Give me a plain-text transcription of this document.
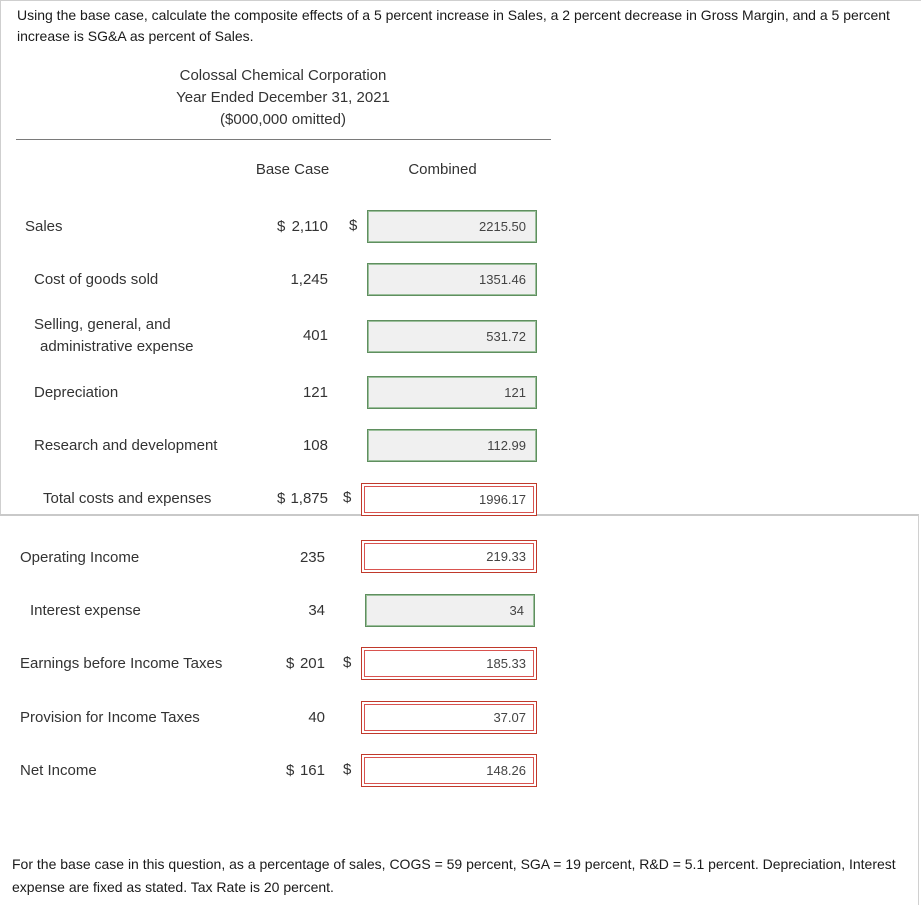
Using the base case, calculate the composite effects of a 5 percent increase in Sales, a 2 percent decrease in Gross Margin, and a 5 percent increase is SG&A as percent of Sales.
Colossal Chemical Corporation
Year Ended December 31, 2021
($000,000 omitted)
Base Case	Combined
Sales	$ 2,110 $	2215.50
Cost of goods sold	1,245	1351.46
Selling, general, and
administrative expense
401	531.72
Depreciation	121	121
Research and development	108	112.99
Total costs and expenses	$ 1,875 $	1996.17
Operating Income	235	219.33
Interest expense	34	34
Earnings before Income Taxes	$ 201 $	185.33
Provision for Income Taxes	40	37.07
Net Income	$ 161 $	148.26
For the base case in this question, as a percentage of sales, COGS = 59 percent, SGA = 19 percent, R&D = 5.1 percent. Depreciation, Interest expense are fixed as stated. Tax Rate is 20 percent.
